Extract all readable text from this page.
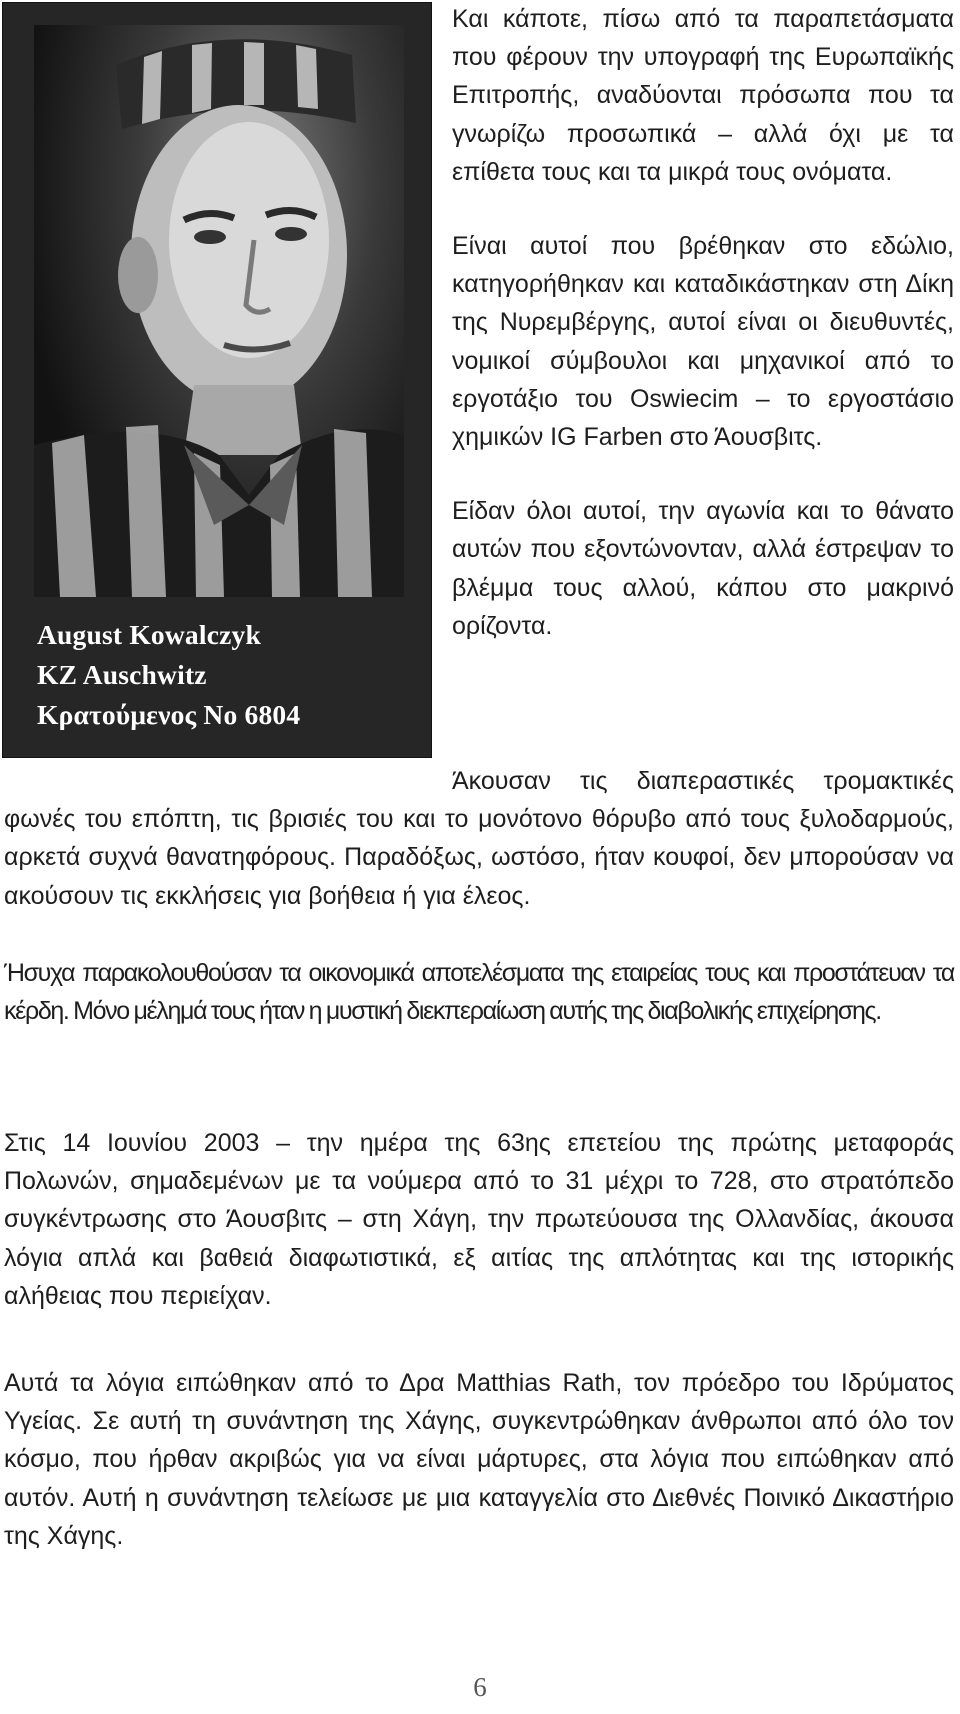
August Kowalczyk
KZ Auschwitz
Κρατούμενος Νο 6804

Και κάποτε, πίσω από τα παραπετάσματα που φέρουν την υπογραφή της Ευρωπαϊκής Επιτροπής, αναδύονται πρόσωπα που τα γνωρίζω προσωπικά – αλλά όχι με τα επίθετα τους και τα μικρά τους ονόματα.

Είναι αυτοί που βρέθηκαν στο εδώλιο, κατηγορήθηκαν και καταδικάστηκαν στη Δίκη της Νυρεμβέργης, αυτοί είναι οι διευθυντές, νομικοί σύμβουλοι και μηχανικοί από το εργοτάξιο του Oswiecim – το εργοστάσιο χημικών IG Farben στο Άουσβιτς.

Είδαν όλοι αυτοί, την αγωνία και το θάνατο αυτών που εξοντώνονταν, αλλά έστρεψαν το βλέμμα τους αλλού, κάπου στο μακρινό ορίζοντα.

Άκουσαν τις διαπεραστικές τρομακτικές φωνές του επόπτη, τις βρισιές του και το μονότονο θόρυβο από τους ξυλοδαρμούς, αρκετά συχνά θανατηφόρους. Παραδόξως, ωστόσο, ήταν κουφοί, δεν μπορούσαν να ακούσουν τις εκκλήσεις για βοήθεια ή για έλεος.

Ήσυχα παρακολουθούσαν τα οικονομικά αποτελέσματα της εταιρείας τους και προστάτευαν τα κέρδη. Μόνο μέλημά τους ήταν η μυστική διεκπεραίωση αυτής της διαβολικής επιχείρησης.

Στις 14 Ιουνίου 2003 – την ημέρα της 63ης επετείου της πρώτης μεταφοράς Πολωνών, σημαδεμένων με τα νούμερα από το 31 μέχρι το 728, στο στρατόπεδο συγκέντρωσης στο Άουσβιτς – στη Χάγη, την πρωτεύουσα της Ολλανδίας, άκουσα λόγια απλά και βαθειά διαφωτιστικά, εξ αιτίας της απλότητας και της ιστορικής αλήθειας που περιείχαν.

Αυτά τα λόγια ειπώθηκαν από το Δρα Matthias Rath, τον πρόεδρο του Ιδρύματος Υγείας. Σε αυτή τη συνάντηση της Χάγης, συγκεντρώθηκαν άνθρωποι από όλο τον κόσμο, που ήρθαν ακριβώς για να είναι μάρτυρες, στα λόγια που ειπώθηκαν από αυτόν. Αυτή η συνάντηση τελείωσε με μια καταγγελία στο Διεθνές Ποινικό Δικαστήριο της Χάγης.

6
